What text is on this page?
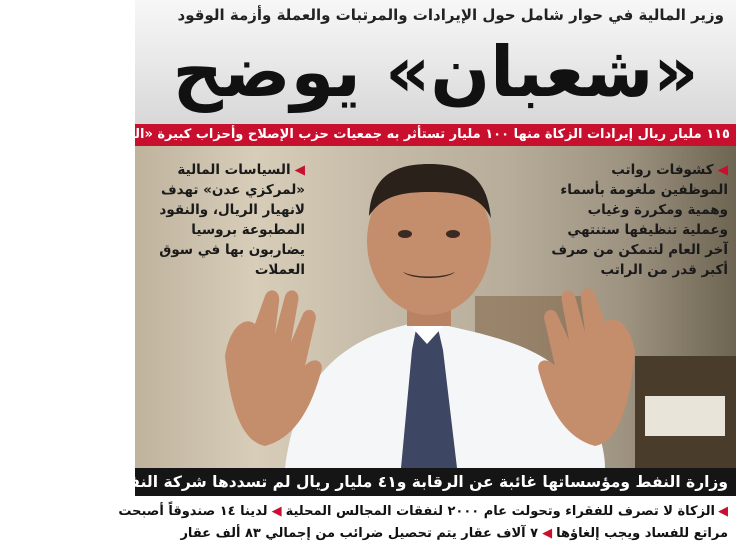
وزير المالية في حوار شامل حول الإيرادات والمرتبات والعملة وأزمة الوقود
«شعبان» يوضح
١١٥ مليار ريال إيرادات الزكاة منها ١٠٠ مليار تستأثر به جمعيات حزب الإصلاح وأحزاب كبيرة «المؤتمر الشعبي العام»
◀كشوفات رواتب الموظفين ملغومة بأسماء وهمية ومكررة وغياب وعملية تنظيفها ستنتهي آخر العام لنتمكن من صرف أكبر قدر من الراتب
◀السياسات المالية «لمركزي عدن» تهدف لانهيار الريال، والنقود المطبوعة بروسيا يضاربون بها في سوق العملات
وزارة النفط ومؤسساتها غائبة عن الرقابة و٤١ مليار ريال لم تسددها شركة النفط لحكومة الإنقاذ
◀الزكاة لا تصرف للفقراء وتحولت عام ٢٠٠٠ لنفقات المجالس المحلية◀لدينا ١٤ صندوقاً أصبحت
مراتع للفساد ويجب إلغاؤها◀٧ آلاف عقار يتم تحصيل ضرائب من إجمالي ٨٣ ألف عقار
